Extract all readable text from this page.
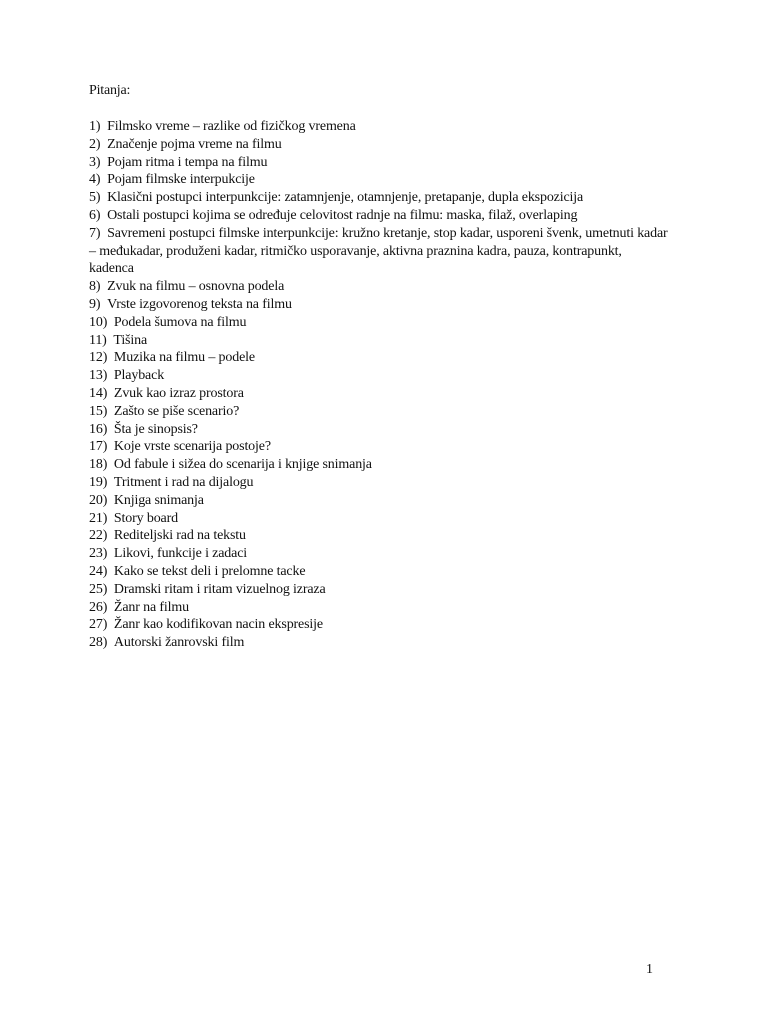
Pitanja:
1)
Filmsko vreme – razlike od fizičkog vremena
2)
Značenje pojma vreme na filmu
3)
Pojam ritma i tempa na filmu
4)
Pojam filmske interpukcije
5)
Klasični postupci interpunkcije: zatamnjenje, otamnjenje, pretapanje, dupla ekspozicija
6)
Ostali postupci kojima se određuje celovitost radnje na filmu: maska, filaž, overlaping
7) Savremeni postupci filmske interpunkcije: kružno kretanje, stop kadar, usporeni švenk, umetnuti kadar – međukadar, produženi kadar, ritmičko usporavanje, aktivna praznina kadra, pauza, kontrapunkt, kadenca
8)
Zvuk na filmu – osnovna podela
9)
Vrste izgovorenog teksta na filmu
10)
Podela šumova na filmu
11)
Tišina
12)
Muzika na filmu – podele
13)
Playback
14)
Zvuk kao izraz prostora
15)
Zašto se piše scenario?
16)
Šta je sinopsis?
17)
Koje vrste scenarija postoje?
18)
Od fabule i sižea do scenarija i knjige snimanja
19)
Tritment i rad na dijalogu
20)
Knjiga snimanja
21)
Story board
22)
Rediteljski rad na tekstu
23)
Likovi, funkcije i zadaci
24)
Kako se tekst deli i prelomne tacke
25)
Dramski ritam i ritam vizuelnog izraza
26)
Žanr na filmu
27)
Žanr kao kodifikovan nacin ekspresije
28)
Autorski žanrovski film
1
